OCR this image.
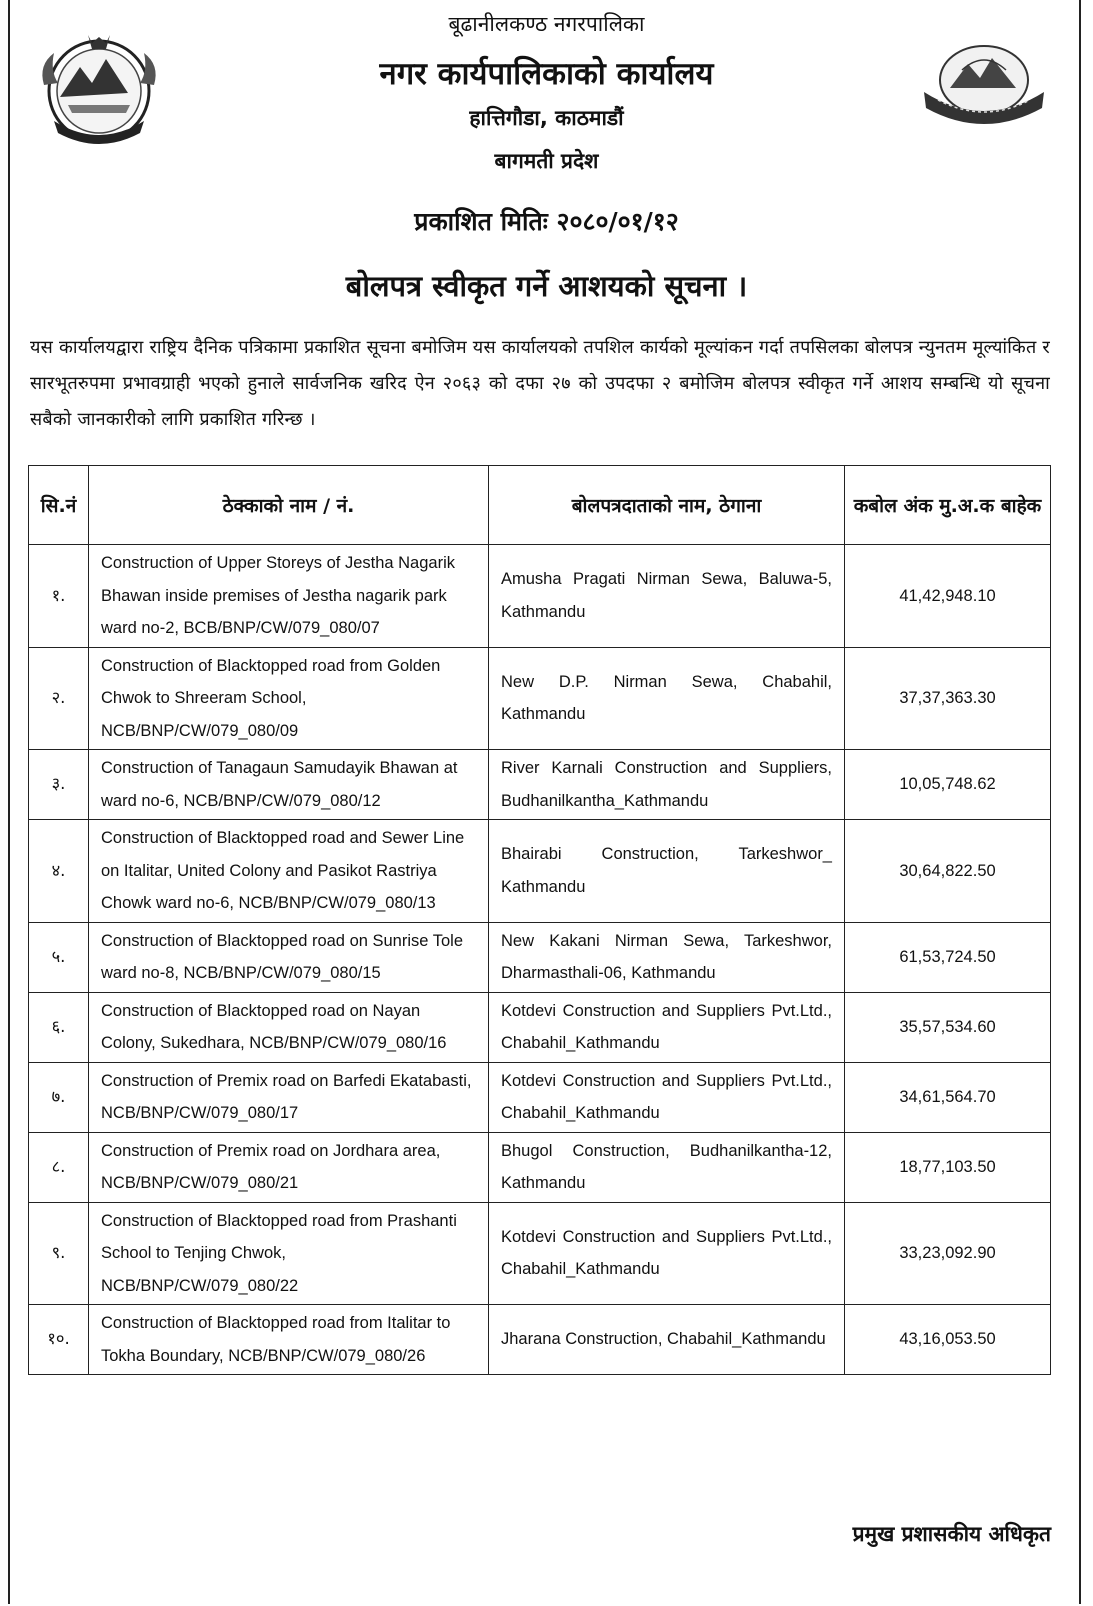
बूढानीलकण्ठ नगरपालिका
नगर कार्यपालिकाको कार्यालय
हात्तिगौडा, काठमाडौं
बागमती प्रदेश
प्रकाशित मितिः २०८०/०१/१२
बोलपत्र स्वीकृत गर्ने आशयको सूचना ।
यस कार्यालयद्वारा राष्ट्रिय दैनिक पत्रिकामा प्रकाशित सूचना बमोजिम यस कार्यालयको तपशिल कार्यको मूल्यांकन गर्दा तपसिलका बोलपत्र न्युनतम मूल्यांकित र सारभूतरुपमा प्रभावग्राही भएको हुनाले सार्वजनिक खरिद ऐन २०६३ को दफा २७ को उपदफा २ बमोजिम बोलपत्र स्वीकृत गर्ने आशय सम्बन्धि यो सूचना सबैको जानकारीको लागि प्रकाशित गरिन्छ ।
सि.नं	ठेक्काको नाम / नं.	बोलपत्रदाताको नाम, ठेगाना	कबोल अंक मु.अ.क बाहेक
१.	Construction of Upper Storeys of Jestha Nagarik Bhawan inside premises of Jestha nagarik park ward no-2, BCB/BNP/CW/079_080/07	Amusha Pragati Nirman Sewa, Baluwa-5, Kathmandu	41,42,948.10
२.	Construction of Blacktopped road from Golden Chwok to Shreeram School, NCB/BNP/CW/079_080/09	New D.P. Nirman Sewa, Chabahil, Kathmandu	37,37,363.30
३.	Construction of Tanagaun Samudayik Bhawan at ward no-6, NCB/BNP/CW/079_080/12	River Karnali Construction and Suppliers, Budhanilkantha_Kathmandu	10,05,748.62
४.	Construction of Blacktopped road and Sewer Line on Italitar, United Colony and Pasikot Rastriya Chowk ward no-6, NCB/BNP/CW/079_080/13	Bhairabi Construction, Tarkeshwor_ Kathmandu	30,64,822.50
५.	Construction of Blacktopped road on Sunrise Tole ward no-8, NCB/BNP/CW/079_080/15	New Kakani Nirman Sewa, Tarkeshwor, Dharmasthali-06, Kathmandu	61,53,724.50
६.	Construction of Blacktopped road on Nayan Colony, Sukedhara, NCB/BNP/CW/079_080/16	Kotdevi Construction and Suppliers Pvt.Ltd., Chabahil_Kathmandu	35,57,534.60
७.	Construction of Premix road on Barfedi Ekatabasti, NCB/BNP/CW/079_080/17	Kotdevi Construction and Suppliers Pvt.Ltd., Chabahil_Kathmandu	34,61,564.70
८.	Construction of Premix road on Jordhara area, NCB/BNP/CW/079_080/21	Bhugol Construction, Budhanilkantha-12, Kathmandu	18,77,103.50
९.	Construction of Blacktopped road from Prashanti School to Tenjing Chwok, NCB/BNP/CW/079_080/22	Kotdevi Construction and Suppliers Pvt.Ltd., Chabahil_Kathmandu	33,23,092.90
१०.	Construction of Blacktopped road from Italitar to Tokha Boundary, NCB/BNP/CW/079_080/26	Jharana Construction, Chabahil_Kathmandu	43,16,053.50
प्रमुख प्रशासकीय अधिकृत
